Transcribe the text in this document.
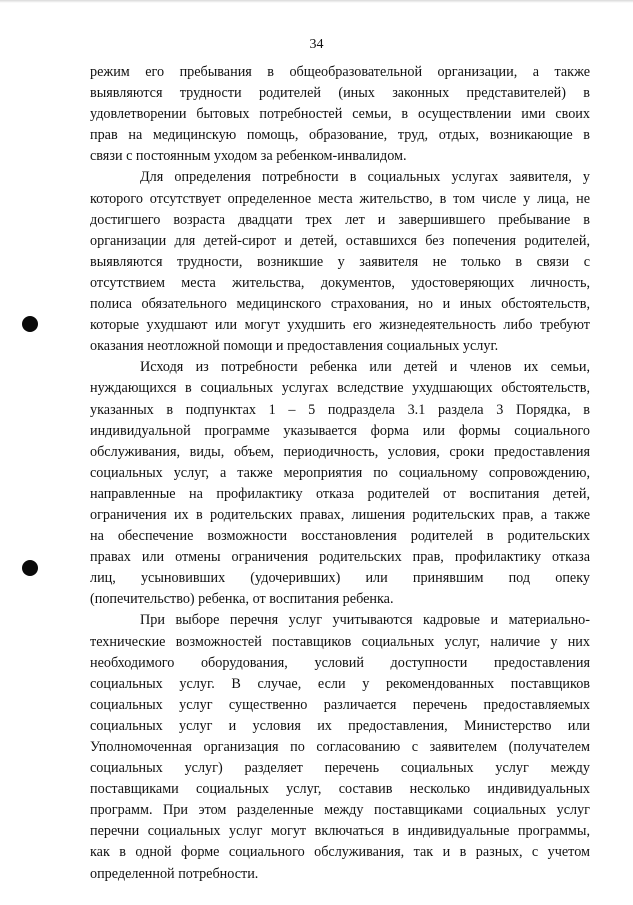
34
режим его пребывания в общеобразовательной организации, а также
выявляются трудности родителей (иных законных представителей) в
удовлетворении бытовых потребностей семьи, в осуществлении ими своих
прав на медицинскую помощь, образование, труд, отдых, возникающие в
связи с постоянным уходом за ребенком-инвалидом.
Для определения потребности в социальных услугах заявителя, у
которого отсутствует определенное места жительство, в том числе у лица, не
достигшего возраста двадцати трех лет и завершившего пребывание в
организации для детей-сирот и детей, оставшихся без попечения родителей,
выявляются трудности, возникшие у заявителя не только в связи с
отсутствием места жительства, документов, удостоверяющих личность,
полиса обязательного медицинского страхования, но и иных обстоятельств,
которые ухудшают или могут ухудшить его жизнедеятельность либо требуют
оказания неотложной помощи и предоставления социальных услуг.
Исходя из потребности ребенка или детей и членов их семьи,
нуждающихся в социальных услугах вследствие ухудшающих обстоятельств,
указанных в подпунктах 1 – 5 подраздела 3.1 раздела 3 Порядка, в
индивидуальной программе указывается форма или формы социального
обслуживания, виды, объем, периодичность, условия, сроки предоставления
социальных услуг, а также мероприятия по социальному сопровождению,
направленные на профилактику отказа родителей от воспитания детей,
ограничения их в родительских правах, лишения родительских прав, а также
на обеспечение возможности восстановления родителей в родительских
правах или отмены ограничения родительских прав, профилактику отказа
лиц, усыновивших (удочеривших) или принявшим под опеку
(попечительство) ребенка, от воспитания ребенка.
При выборе перечня услуг учитываются кадровые и материально-
технические возможностей поставщиков социальных услуг, наличие у них
необходимого оборудования, условий доступности предоставления
социальных услуг. В случае, если у рекомендованных поставщиков
социальных услуг существенно различается перечень предоставляемых
социальных услуг и условия их предоставления, Министерство или
Уполномоченная организация по согласованию с заявителем (получателем
социальных услуг) разделяет перечень социальных услуг между
поставщиками социальных услуг, составив несколько индивидуальных
программ. При этом разделенные между поставщиками социальных услуг
перечни социальных услуг могут включаться в индивидуальные программы,
как в одной форме социального обслуживания, так и в разных, с учетом
определенной потребности.
